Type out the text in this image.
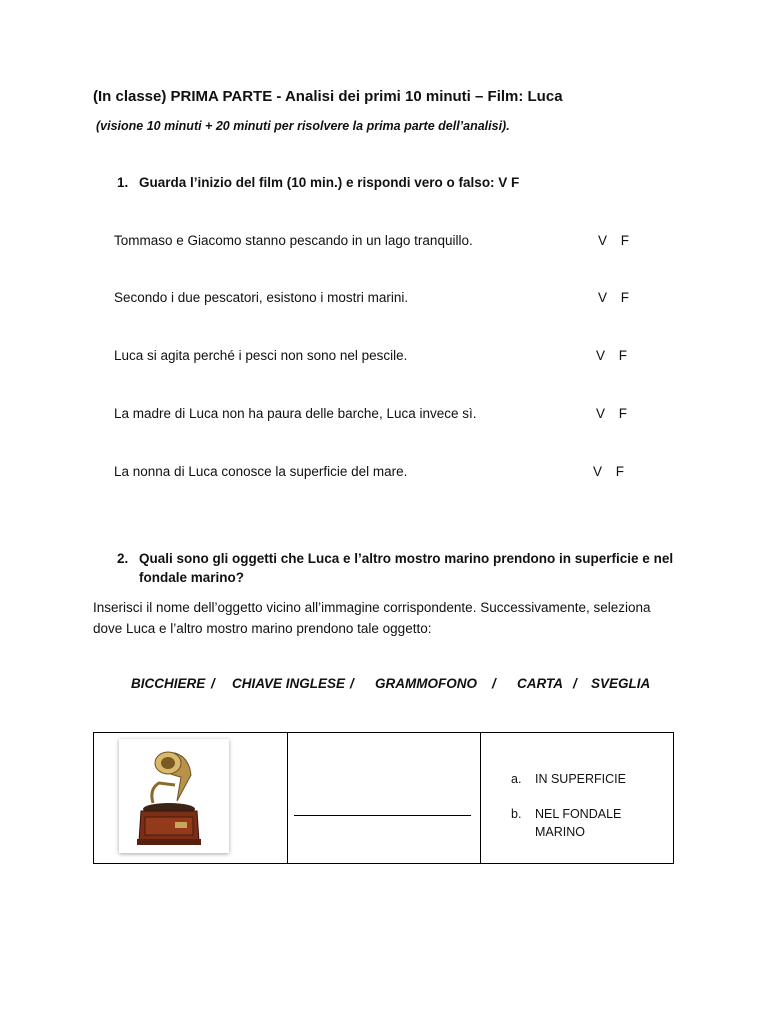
(In classe) PRIMA PARTE - Analisi dei primi 10 minuti – Film: Luca
(visione 10 minuti + 20 minuti per risolvere la prima parte dell’analisi).
1. Guarda l’inizio del film (10 min.) e rispondi vero o falso: V F
Tommaso e Giacomo stanno pescando in un lago tranquillo.	V F
Secondo i due pescatori, esistono i mostri marini.	V F
Luca si agita perché i pesci non sono nel pescile.	V F
La madre di Luca non ha paura delle barche, Luca invece sì.	V F
La nonna di Luca conosce la superficie del mare.	V F
2. Quali sono gli oggetti che Luca e l’altro mostro marino prendono in superficie e nel
fondale marino?
Inserisci il nome dell’oggetto vicino all’immagine corrispondente. Successivamente, seleziona dove Luca e l’altro mostro marino prendono tale oggetto:
BICCHIERE / CHIAVE INGLESE / GRAMMOFONO / CARTA / SVEGLIA

a. IN SUPERFICIE
b. NEL FONDALE
MARINO
